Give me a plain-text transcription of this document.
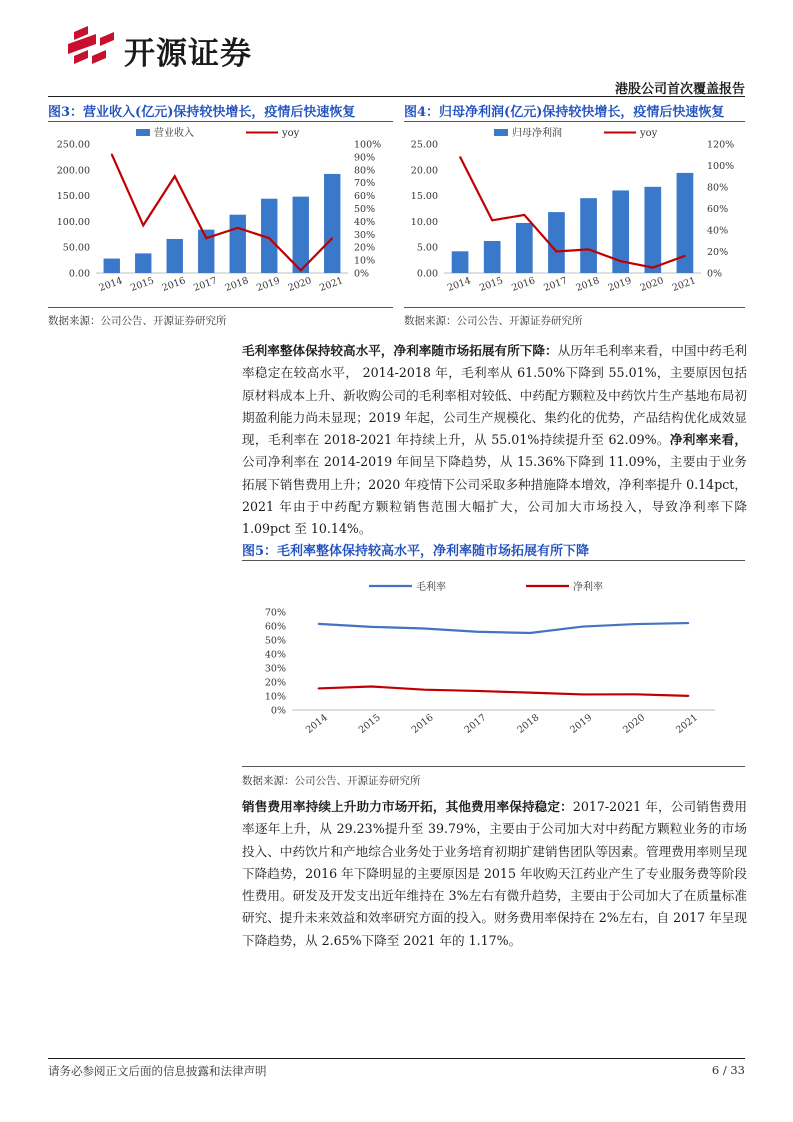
开源证券
港股公司首次覆盖报告
图3：营业收入(亿元)保持较快增长，疫情后快速恢复
营业收入	yoy
0.00
50.00
100.00
150.00
200.00
250.00
0%
10%
20%
30%
40%
50%
60%
70%
80%
90%
100%
2014 2015 2016 2017 2018 2019 2020 2021
数据来源：公司公告、开源证券研究所
图4：归母净利润(亿元)保持较快增长，疫情后快速恢复
归母净利润	yoy
0.00
5.00
10.00
15.00
20.00
25.00
0%
20%
40%
60%
80%
100%
120%
2014 2015 2016 2017 2018 2019 2020 2021
数据来源：公司公告、开源证券研究所
毛利率整体保持较高水平，净利率随市场拓展有所下降：从历年毛利率来看，中国中药毛利率稳定在较高水平， 2014-2018 年，毛利率从 61.50%下降到 55.01%，主要原因包括原材料成本上升、新收购公司的毛利率相对较低、中药配方颗粒及中药饮片生产基地布局初期盈利能力尚未显现；2019 年起，公司生产规模化、集约化的优势，产品结构优化成效显现，毛利率在 2018-2021 年持续上升，从 55.01%持续提升至 62.09%。净利率来看，公司净利率在 2014-2019 年间呈下降趋势，从 15.36%下降到 11.09%，主要由于业务拓展下销售费用上升；2020 年疫情下公司采取多种措施降本增效，净利率提升 0.14pct，2021 年由于中药配方颗粒销售范围大幅扩大，公司加大市场投入，导致净利率下降 1.09pct 至 10.14%。
图5：毛利率整体保持较高水平，净利率随市场拓展有所下降
毛利率	净利率
0%
10%
20%
30%
40%
50%
60%
70%
2014	2015	2016	2017	2018	2019	2020	2021
数据来源：公司公告、开源证券研究所
销售费用率持续上升助力市场开拓，其他费用率保持稳定：2017-2021 年，公司销售费用率逐年上升，从 29.23%提升至 39.79%，主要由于公司加大对中药配方颗粒业务的市场投入、中药饮片和产地综合业务处于业务培育初期扩建销售团队等因素。管理费用率则呈现下降趋势，2016 年下降明显的主要原因是 2015 年收购天江药业产生了专业服务费等阶段性费用。研发及开发支出近年维持在 3%左右有微升趋势，主要由于公司加大了在质量标准研究、提升未来效益和效率研究方面的投入。财务费用率保持在 2%左右，自 2017 年呈现下降趋势，从 2.65%下降至 2021 年的 1.17%。
请务必参阅正文后面的信息披露和法律声明	6 / 33
